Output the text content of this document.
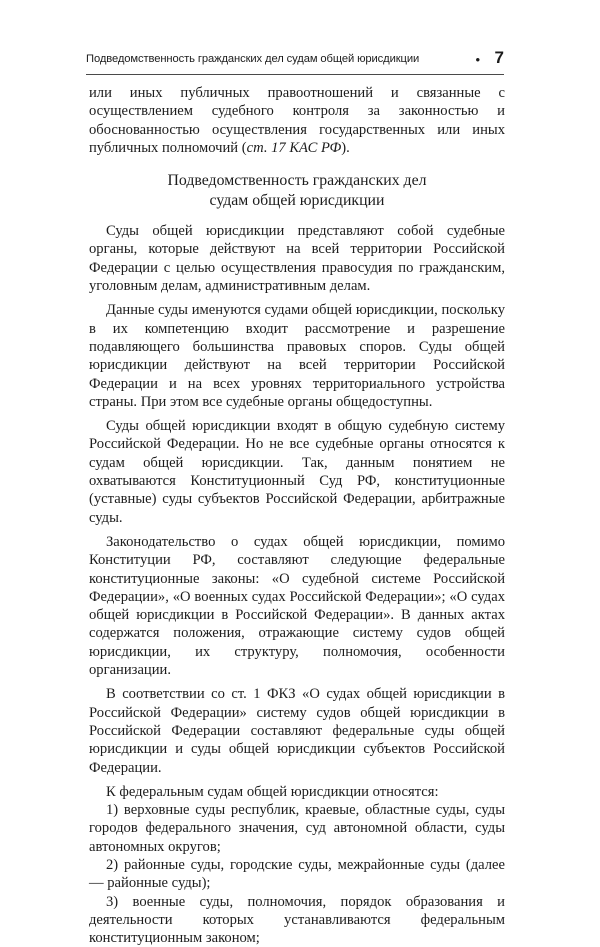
Подведомственность гражданских дел судам общей юрисдикции	• 7

или иных публичных правоотношений и связанные с осуществлением судебного контроля за законностью и обоснованностью осуществления государственных или иных публичных полномочий (ст. 17 КАС РФ).

Подведомственность гражданских дел
судам общей юрисдикции

Суды общей юрисдикции представляют собой судебные органы, которые действуют на всей территории Российской Федерации с целью осуществления правосудия по гражданским, уголовным делам, административным делам.

Данные суды именуются судами общей юрисдикции, поскольку в их компетенцию входит рассмотрение и разрешение подавляющего большинства правовых споров. Суды общей юрисдикции действуют на всей территории Российской Федерации и на всех уровнях территориального устройства страны. При этом все судебные органы общедоступны.

Суды общей юрисдикции входят в общую судебную систему Российской Федерации. Но не все судебные органы относятся к судам общей юрисдикции. Так, данным понятием не охватываются Конституционный Суд РФ, конституционные (уставные) суды субъектов Российской Федерации, арбитражные суды.

Законодательство о судах общей юрисдикции, помимо Конституции РФ, составляют следующие федеральные конституционные законы: «О судебной системе Российской Федерации», «О военных судах Российской Федерации»; «О судах общей юрисдикции в Российской Федерации». В данных актах содержатся положения, отражающие систему судов общей юрисдикции, их структуру, полномочия, особенности организации.

В соответствии со ст. 1 ФКЗ «О судах общей юрисдикции в Российской Федерации» систему судов общей юрисдикции в Российской Федерации составляют федеральные суды общей юрисдикции и суды общей юрисдикции субъектов Российской Федерации.

К федеральным судам общей юрисдикции относятся:

1) верховные суды республик, краевые, областные суды, суды городов федерального значения, суд автономной области, суды автономных округов;

2) районные суды, городские суды, межрайонные суды (далее — районные суды);

3) военные суды, полномочия, порядок образования и деятельности которых устанавливаются федеральным конституционным законом;
